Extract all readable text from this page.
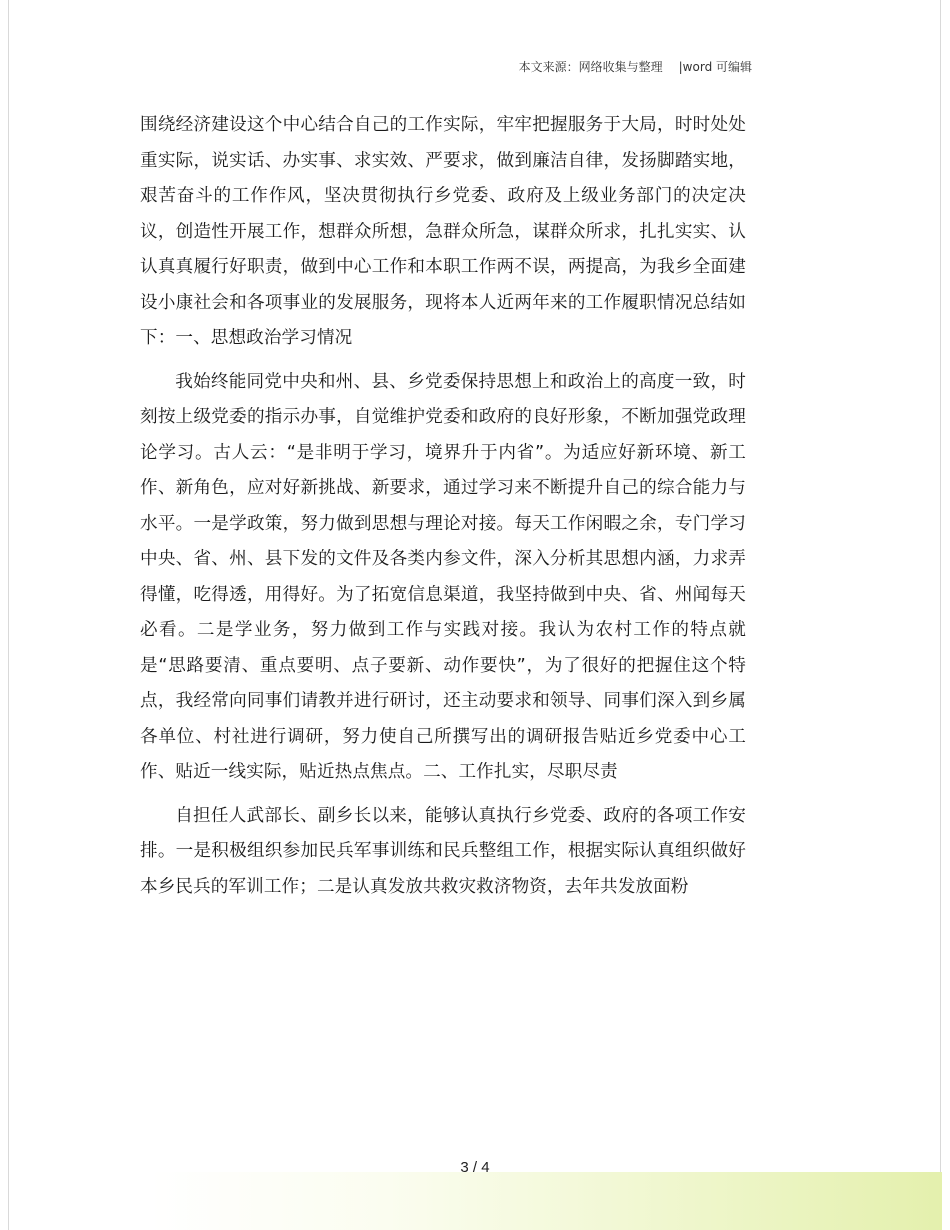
本文来源：网络收集与整理 |word 可编辑

围绕经济建设这个中心结合自己的工作实际，牢牢把握服务于大局，时时处处重实际，说实话、办实事、求实效、严要求，做到廉洁自律，发扬脚踏实地，艰苦奋斗的工作作风，坚决贯彻执行乡党委、政府及上级业务部门的决定决议，创造性开展工作，想群众所想，急群众所急，谋群众所求，扎扎实实、认认真真履行好职责，做到中心工作和本职工作两不误，两提高，为我乡全面建设小康社会和各项事业的发展服务，现将本人近两年来的工作履职情况总结如下：一、思想政治学习情况

我始终能同党中央和州、县、乡党委保持思想上和政治上的高度一致，时刻按上级党委的指示办事，自觉维护党委和政府的良好形象，不断加强党政理论学习。古人云：“是非明于学习，境界升于内省”。为适应好新环境、新工作、新角色，应对好新挑战、新要求，通过学习来不断提升自己的综合能力与水平。一是学政策，努力做到思想与理论对接。每天工作闲暇之余，专门学习中央、省、州、县下发的文件及各类内参文件，深入分析其思想内涵，力求弄得懂，吃得透，用得好。为了拓宽信息渠道，我坚持做到中央、省、州闻每天必看。二是学业务，努力做到工作与实践对接。我认为农村工作的特点就是“思路要清、重点要明、点子要新、动作要快”，为了很好的把握住这个特点，我经常向同事们请教并进行研讨，还主动要求和领导、同事们深入到乡属各单位、村社进行调研，努力使自己所撰写出的调研报告贴近乡党委中心工作、贴近一线实际，贴近热点焦点。二、工作扎实，尽职尽责

自担任人武部长、副乡长以来，能够认真执行乡党委、政府的各项工作安排。一是积极组织参加民兵军事训练和民兵整组工作，根据实际认真组织做好本乡民兵的军训工作；二是认真发放共救灾救济物资，去年共发放面粉

3 / 4
